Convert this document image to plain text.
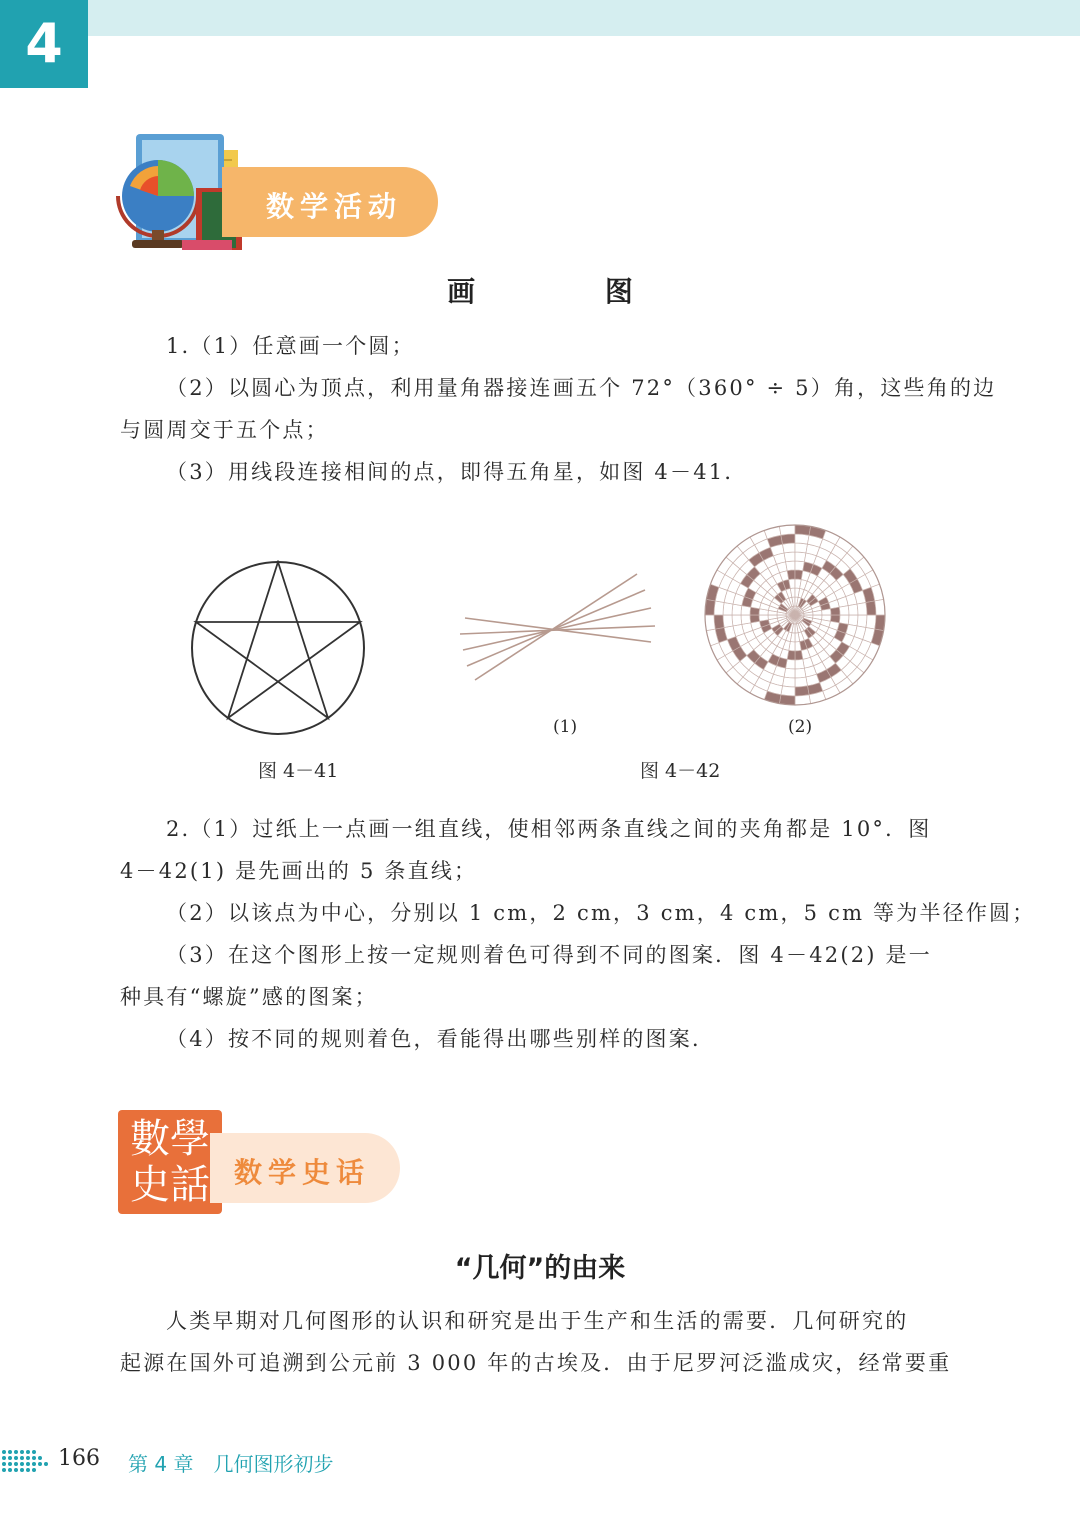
4
数学活动
画 图
1.（1）任意画一个圆；
（2）以圆心为顶点，利用量角器接连画五个 72°（360° ÷ 5）角，这些角的边
与圆周交于五个点；
（3）用线段连接相间的点，即得五角星，如图 4－41．
图 4－41
(1)	(2)
图 4－42
2.（1）过纸上一点画一组直线，使相邻两条直线之间的夹角都是 10°．图
4－42(1) 是先画出的 5 条直线；
（2）以该点为中心，分别以 1 cm，2 cm，3 cm，4 cm，5 cm 等为半径作圆；
（3）在这个图形上按一定规则着色可得到不同的图案．图 4－42(2) 是一
种具有“螺旋”感的图案；
（4）按不同的规则着色，看能得出哪些别样的图案．
數學史話 数学史话
“几何”的由来
人类早期对几何图形的认识和研究是出于生产和生活的需要．几何研究的
起源在国外可追溯到公元前 3 000 年的古埃及．由于尼罗河泛滥成灾，经常要重
166 第 4 章　几何图形初步
